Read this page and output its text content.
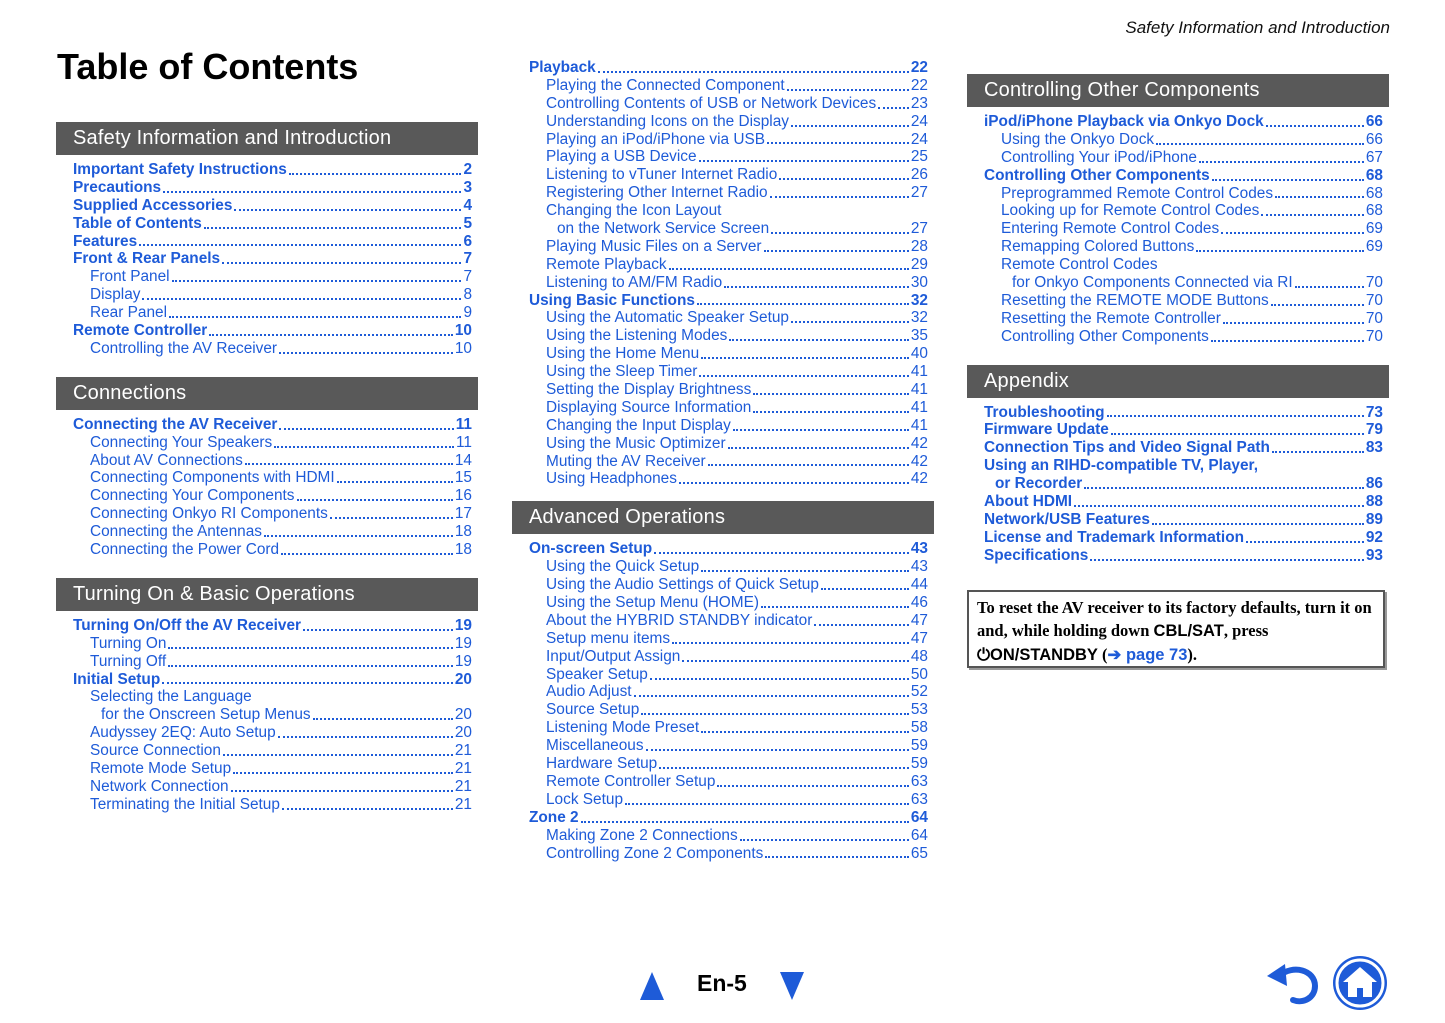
Safety Information and Introduction
Table of Contents
Safety Information and Introduction
Important Safety Instructions	2
Precautions	3
Supplied Accessories	4
Table of Contents	5
Features	6
Front & Rear Panels	7
Front Panel	7
Display	8
Rear Panel	9
Remote Controller	10
Controlling the AV Receiver	10
Connections
Connecting the AV Receiver	11
Connecting Your Speakers	11
About AV Connections	14
Connecting Components with HDMI	15
Connecting Your Components	16
Connecting Onkyo RI Components	17
Connecting the Antennas	18
Connecting the Power Cord	18
Turning On & Basic Operations
Turning On/Off the AV Receiver	19
Turning On	19
Turning Off	19
Initial Setup	20
Selecting the Language
for the Onscreen Setup Menus	20
Audyssey 2EQ: Auto Setup	20
Source Connection	21
Remote Mode Setup	21
Network Connection	21
Terminating the Initial Setup	21
Playback	22
Playing the Connected Component	22
Controlling Contents of USB or Network Devices 23
Understanding Icons on the Display	24
Playing an iPod/iPhone via USB	24
Playing a USB Device	25
Listening to vTuner Internet Radio	26
Registering Other Internet Radio	27
Changing the Icon Layout
on the Network Service Screen	27
Playing Music Files on a Server	28
Remote Playback	29
Listening to AM/FM Radio	30
Using Basic Functions	32
Using the Automatic Speaker Setup	32
Using the Listening Modes	35
Using the Home Menu	40
Using the Sleep Timer	41
Setting the Display Brightness	41
Displaying Source Information	41
Changing the Input Display	41
Using the Music Optimizer	42
Muting the AV Receiver	42
Using Headphones	42
Advanced Operations
On-screen Setup	43
Using the Quick Setup	43
Using the Audio Settings of Quick Setup	44
Using the Setup Menu (HOME)	46
About the HYBRID STANDBY indicator	47
Setup menu items	47
Input/Output Assign	48
Speaker Setup	50
Audio Adjust	52
Source Setup	53
Listening Mode Preset	58
Miscellaneous	59
Hardware Setup	59
Remote Controller Setup	63
Lock Setup	63
Zone 2	64
Making Zone 2 Connections	64
Controlling Zone 2 Components	65
Controlling Other Components
iPod/iPhone Playback via Onkyo Dock	66
Using the Onkyo Dock	66
Controlling Your iPod/iPhone	67
Controlling Other Components	68
Preprogrammed Remote Control Codes	68
Looking up for Remote Control Codes	68
Entering Remote Control Codes	69
Remapping Colored Buttons	69
Remote Control Codes
for Onkyo Components Connected via RI	70
Resetting the REMOTE MODE Buttons	70
Resetting the Remote Controller	70
Controlling Other Components	70
Appendix
Troubleshooting	73
Firmware Update	79
Connection Tips and Video Signal Path	83
Using an RIHD-compatible TV, Player,
or Recorder	86
About HDMI	88
Network/USB Features	89
License and Trademark Information	92
Specifications	93
To reset the AV receiver to its factory defaults, turn it on and, while holding down CBL/SAT, press ⏻ON/STANDBY (➔ page 73).
En-5
